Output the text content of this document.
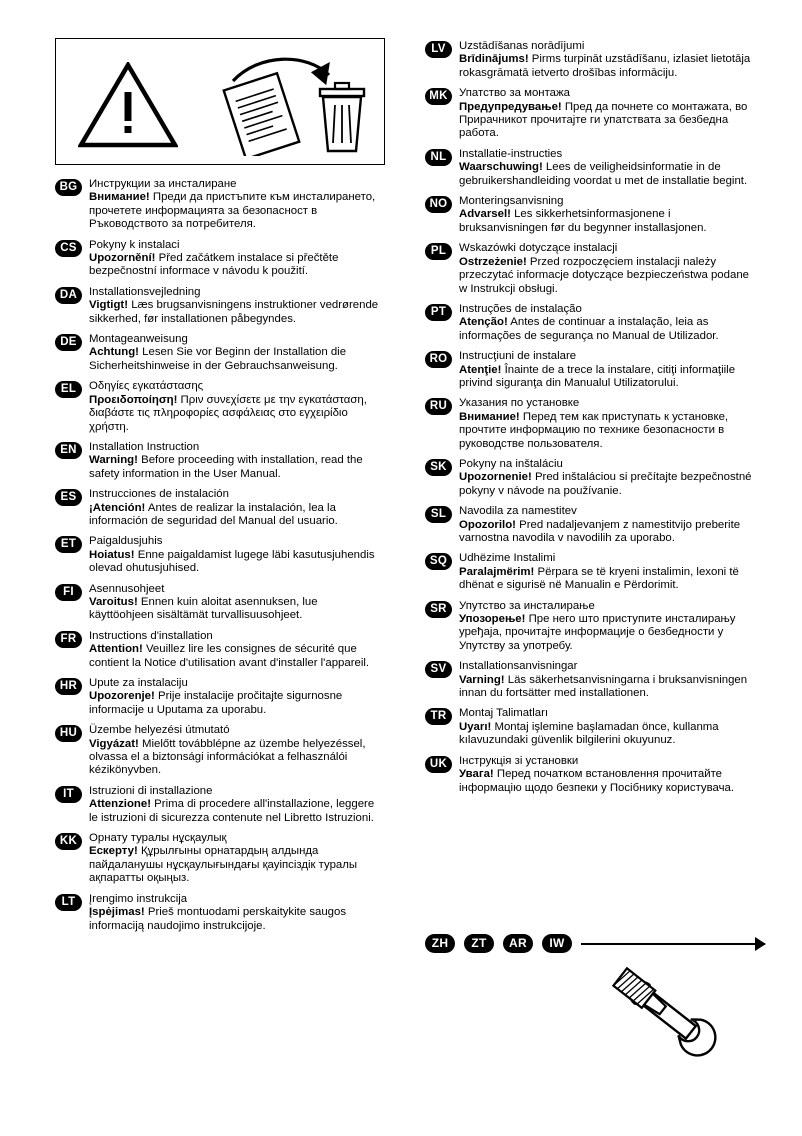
BG	Инструкции за инсталиране
Внимание! Преди да пристъпите към инсталирането, прочетете информацията за безопасност в Ръководството за потребителя.
CS	Pokyny k instalaci
Upozornění! Před začátkem instalace si přečtěte bezpečnostní informace v návodu k použití.
DA	Installationsvejledning
Vigtigt! Læs brugsanvisningens instruktioner vedrørende sikkerhed, før installationen påbegyndes.
DE	Montageanweisung
Achtung! Lesen Sie vor Beginn der Installation die Sicherheitshinweise in der Gebrauchsanweisung.
EL	Οδηγίες εγκατάστασης
Προειδοποίηση! Πριν συνεχίσετε με την εγκατάσταση, διαβάστε τις πληροφορίες ασφάλειας στο εγχειρίδιο χρήστη.
EN	Installation Instruction
Warning! Before proceeding with installation, read the safety information in the User Manual.
ES	Instrucciones de instalación
¡Atención! Antes de realizar la instalación, lea la información de seguridad del Manual del usuario.
ET	Paigaldusjuhis
Hoiatus! Enne paigaldamist lugege läbi kasutusjuhendis olevad ohutusjuhised.
FI	Asennusohjeet
Varoitus! Ennen kuin aloitat asennuksen, lue käyttöohjeen sisältämät turvallisuusohjeet.
FR	Instructions d'installation
Attention! Veuillez lire les consignes de sécurité que contient la Notice d'utilisation avant d'installer l'appareil.
HR	Upute za instalaciju
Upozorenje! Prije instalacije pročitajte sigurnosne informacije u Uputama za uporabu.
HU	Üzembe helyezési útmutató
Vigyázat! Mielőtt továbblépne az üzembe helyezéssel, olvassa el a biztonsági információkat a felhasználói kézikönyvben.
IT	Istruzioni di installazione
Attenzione! Prima di procedere all'installazione, leggere le istruzioni di sicurezza contenute nel Libretto Istruzioni.
KK	Орнату туралы нұсқаулық
Ескерту! Құрылғыны орнатардың алдында пайдаланушы нұсқаулығындағы қауіпсіздік туралы ақпаратты оқыңыз.
LT	Įrengimo instrukcija
Įspėjimas! Prieš montuodami perskaitykite saugos informaciją naudojimo instrukcijoje.
LV	Uzstādīšanas norādījumi
Brīdinājums! Pirms turpināt uzstādīšanu, izlasiet lietotāja rokasgrāmatā ietverto drošības informāciju.
MK Упатство за монтажа
Предупредување! Пред да почнете со монтажата, во Прирачникот прочитајте ги упатствата за безбедна работа.
NL	Installatie-instructies
Waarschuwing! Lees de veiligheidsinformatie in de gebruikershandleiding voordat u met de installatie begint.
NO	Monteringsanvisning
Advarsel! Les sikkerhetsinformasjonene i bruksanvisningen før du begynner installasjonen.
PL	Wskazówki dotyczące instalacji
Ostrzeżenie! Przed rozpoczęciem instalacji należy przeczytać informacje dotyczące bezpieczeństwa podane w Instrukcji obsługi.
PT	Instruções de instalação
Atenção! Antes de continuar a instalação, leia as informações de segurança no Manual de Utilizador.
RO	Instrucţiuni de instalare
Atenţie! Înainte de a trece la instalare, citiţi informaţiile privind siguranţa din Manualul Utilizatorului.
RU	Указания по установке
Внимание! Перед тем как приступать к установке, прочтите информацию по технике безопасности в руководстве пользователя.
SK	Pokyny na inštaláciu
Upozornenie! Pred inštaláciou si prečítajte bezpečnostné pokyny v návode na používanie.
SL	Navodila za namestitev
Opozorilo! Pred nadaljevanjem z namestitvijo preberite varnostna navodila v navodilih za uporabo.
SQ	Udhëzime Instalimi
Paralajmërim! Përpara se të kryeni instalimin, lexoni të dhënat e sigurisë në Manualin e Përdorimit.
SR	Упутство за инсталирање
Упозорење! Пре него што приступите инсталирању уређаја, прочитајте информације о безбедности у Упутству за употребу.
SV	Installationsanvisningar
Varning! Läs säkerhetsanvisningarna i bruksanvisningen innan du fortsätter med installationen.
TR	Montaj Talimatları
Uyarı! Montaj işlemine başlamadan önce, kullanma kılavuzundaki güvenlik bilgilerini okuyunuz.
UK	Інструкція зі установки
Увага! Перед початком встановлення прочитайте інформацію щодо безпеки у Посібнику користувача.
ZH	ZT	AR	IW
